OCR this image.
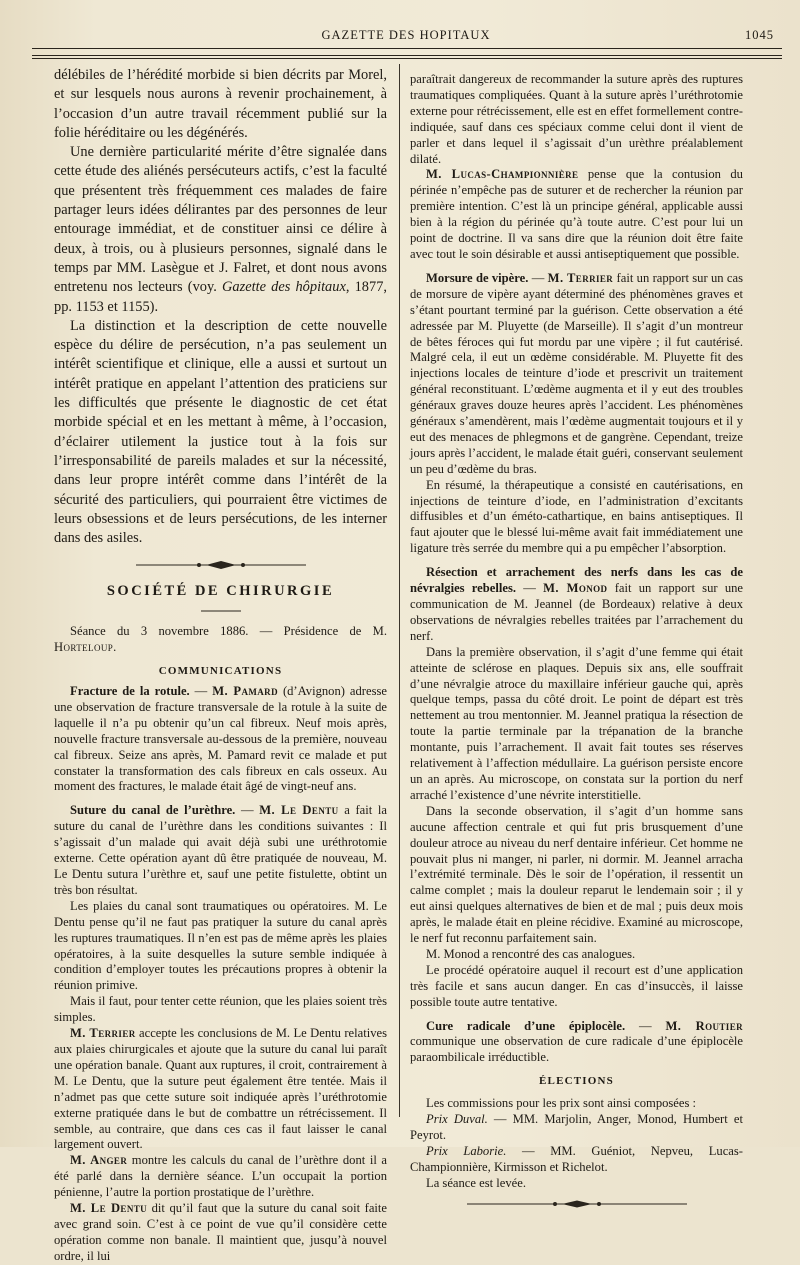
GAZETTE DES HOPITAUX	1045

délébiles de l’hérédité morbide si bien décrits par Morel, et sur lesquels nous aurons à revenir prochainement, à l’occasion d’un autre travail récemment publié sur la folie héréditaire ou les dégénérés.

Une dernière particularité mérite d’être signalée dans cette étude des aliénés persécuteurs actifs, c’est la faculté que présentent très fréquemment ces malades de faire partager leurs idées délirantes par des personnes de leur entourage immédiat, et de constituer ainsi ce délire à deux, à trois, ou à plusieurs personnes, signalé dans le temps par MM. Lasègue et J. Falret, et dont nous avons entretenu nos lecteurs (voy. Gazette des hôpitaux, 1877, pp. 1153 et 1155).

La distinction et la description de cette nouvelle espèce du délire de persécution, n’a pas seulement un intérêt scientifique et clinique, elle a aussi et surtout un intérêt pratique en appelant l’attention des praticiens sur les difficultés que présente le diagnostic de cet état morbide spécial et en les mettant à même, à l’occasion, d’éclairer utilement la justice tout à la fois sur l’irresponsabilité de pareils malades et sur la nécessité, dans leur propre intérêt comme dans l’intérêt de la sécurité des particuliers, qui pourraient être victimes de leurs obsessions et de leurs persécutions, de les interner dans des asiles.

SOCIÉTÉ DE CHIRURGIE

Séance du 3 novembre 1886. — Présidence de M. Horteloup.

COMMUNICATIONS

Fracture de la rotule. — M. Pamard (d’Avignon) adresse une observation de fracture transversale de la rotule à la suite de laquelle il n’a pu obtenir qu’un cal fibreux. Neuf mois après, nouvelle fracture transversale au-dessous de la première, nouveau cal fibreux. Seize ans après, M. Pamard revit ce malade et put constater la transformation des cals fibreux en cals osseux. Au moment des fractures, le malade était âgé de vingt-neuf ans.

Suture du canal de l’urèthre. — M. Le Dentu a fait la suture du canal de l’urèthre dans les conditions suivantes : Il s’agissait d’un malade qui avait déjà subi une uréthrotomie externe. Cette opération ayant dû être pratiquée de nouveau, M. Le Dentu sutura l’urèthre et, sauf une petite fistulette, obtint un très bon résultat.

Les plaies du canal sont traumatiques ou opératoires. M. Le Dentu pense qu’il ne faut pas pratiquer la suture du canal après les ruptures traumatiques. Il n’en est pas de même après les plaies opératoires, à la suite desquelles la suture semble indiquée à condition d’employer toutes les précautions propres à obtenir la réunion primive.

Mais il faut, pour tenter cette réunion, que les plaies soient très simples.

M. Terrier accepte les conclusions de M. Le Dentu relatives aux plaies chirurgicales et ajoute que la suture du canal lui paraît une opération banale. Quant aux ruptures, il croit, contrairement à M. Le Dentu, que la suture peut également être tentée. Mais il n’admet pas que cette suture soit indiquée après l’uréthrotomie externe pratiquée dans le but de combattre un rétrécissement. Il semble, au contraire, que dans ces cas il faut laisser le canal largement ouvert.

M. Anger montre les calculs du canal de l’urèthre dont il a été parlé dans la dernière séance. L’un occupait la portion pénienne, l’autre la portion prostatique de l’urèthre.

M. Le Dentu dit qu’il faut que la suture du canal soit faite avec grand soin. C’est à ce point de vue qu’il considère cette opération comme non banale. Il maintient que, jusqu’à nouvel ordre, il lui

paraîtrait dangereux de recommander la suture après des ruptures traumatiques compliquées. Quant à la suture après l’uréthrotomie externe pour rétrécissement, elle est en effet formellement contre-indiquée, sauf dans ces spéciaux comme celui dont il vient de parler et dans lequel il s’agissait d’un urèthre préalablement dilaté.

M. Lucas-Championnière pense que la contusion du périnée n’empêche pas de suturer et de rechercher la réunion par première intention. C’est là un principe général, applicable aussi bien à la région du périnée qu’à toute autre. C’est pour lui un point de doctrine. Il va sans dire que la réunion doit être faite avec tout le soin désirable et aussi antiseptiquement que possible.

Morsure de vipère. — M. Terrier fait un rapport sur un cas de morsure de vipère ayant déterminé des phénomènes graves et s’étant pourtant terminé par la guérison. Cette observation a été adressée par M. Pluyette (de Marseille). Il s’agit d’un montreur de bêtes féroces qui fut mordu par une vipère ; il fut cautérisé. Malgré cela, il eut un œdème considérable. M. Pluyette fit des injections locales de teinture d’iode et prescrivit un traitement général reconstituant. L’œdème augmenta et il y eut des troubles généraux graves douze heures après l’accident. Les phénomènes généraux s’amendèrent, mais l’œdème augmentait toujours et il y eut des menaces de phlegmons et de gangrène. Cependant, treize jours après l’accident, le malade était guéri, conservant seulement un peu d’œdème du bras.

En résumé, la thérapeutique a consisté en cautérisations, en injections de teinture d’iode, en l’administration d’excitants diffusibles et d’un éméto-cathartique, en bains antiseptiques. Il faut ajouter que le blessé lui-même avait fait immédiatement une ligature très serrée du membre qui a pu empêcher l’absorption.

Résection et arrachement des nerfs dans les cas de névralgies rebelles. — M. Monod fait un rapport sur une communication de M. Jeannel (de Bordeaux) relative à deux observations de névralgies rebelles traitées par l’arrachement du nerf.

Dans la première observation, il s’agit d’une femme qui était atteinte de sclérose en plaques. Depuis six ans, elle souffrait d’une névralgie atroce du maxillaire inférieur gauche qui, après quelque temps, passa du côté droit. Le point de départ est très nettement au trou mentonnier. M. Jeannel pratiqua la résection de toute la partie terminale par la trépanation de la branche montante, puis l’arrachement. Il avait fait toutes ses réserves relativement à l’affection médullaire. La guérison persiste encore un an après. Au microscope, on constata sur la portion du nerf arraché l’existence d’une névrite interstitielle.

Dans la seconde observation, il s’agit d’un homme sans aucune affection centrale et qui fut pris brusquement d’une douleur atroce au niveau du nerf dentaire inférieur. Cet homme ne pouvait plus ni manger, ni parler, ni dormir. M. Jeannel arracha l’extrémité terminale. Dès le soir de l’opération, il ressentit un calme complet ; mais la douleur reparut le lendemain soir ; il y eut ainsi quelques alternatives de bien et de mal ; puis deux mois après, le malade était en pleine récidive. Examiné au microscope, le nerf fut reconnu parfaitement sain.

M. Monod a rencontré des cas analogues.

Le procédé opératoire auquel il recourt est d’une application très facile et sans aucun danger. En cas d’insuccès, il laisse possible toute autre tentative.

Cure radicale d’une épiplocèle. — M. Routier communique une observation de cure radicale d’une épiplocèle paraombilicale irréductible.

ÉLECTIONS

Les commissions pour les prix sont ainsi composées :

Prix Duval. — MM. Marjolin, Anger, Monod, Humbert et Peyrot.

Prix Laborie. — MM. Guéniot, Nepveu, Lucas-Championnière, Kirmisson et Richelot.

La séance est levée.
